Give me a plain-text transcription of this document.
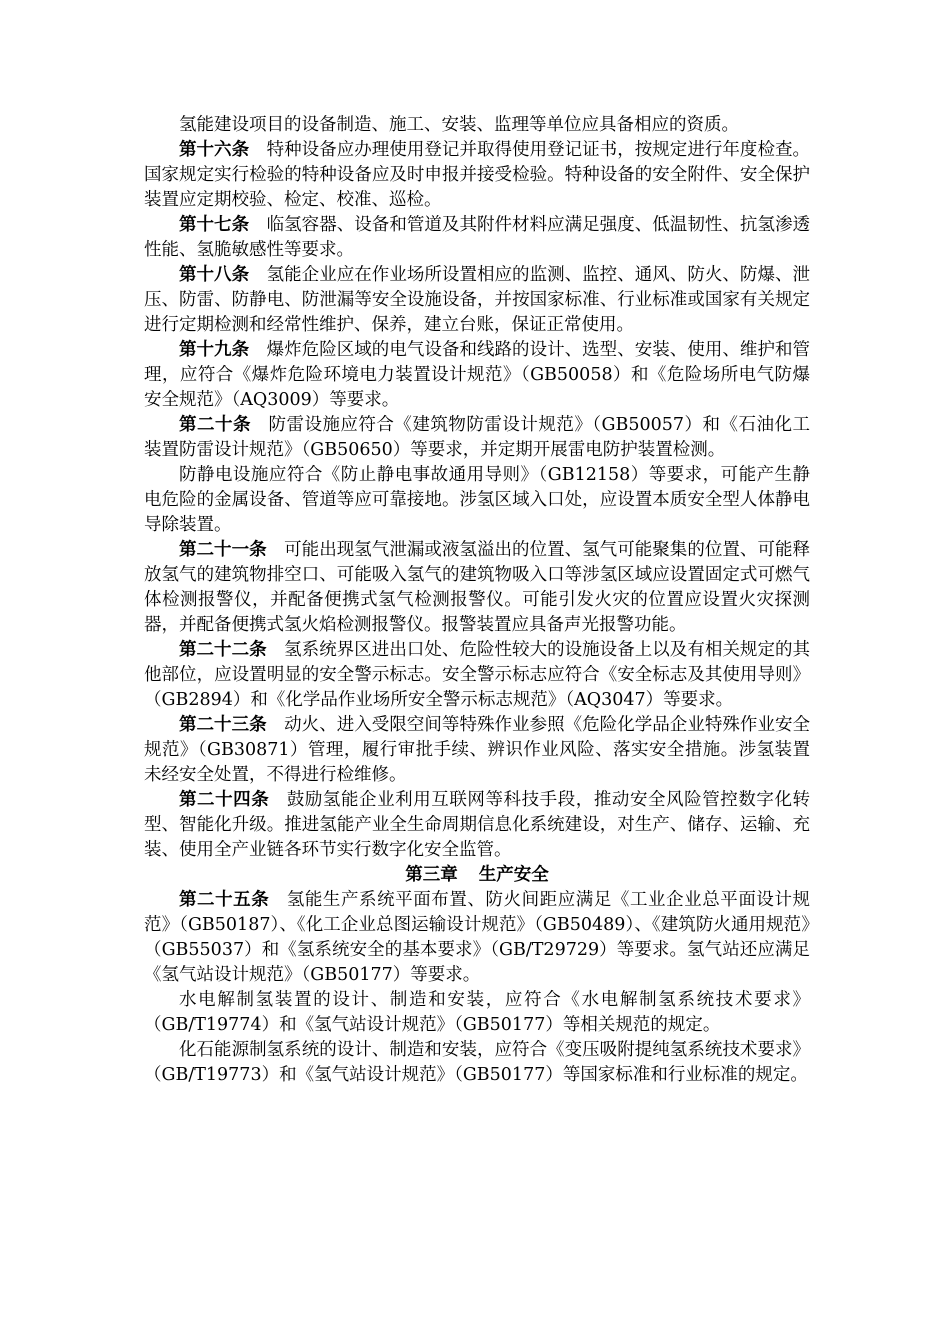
氢能建设项目的设备制造、施工、安装、监理等单位应具备相应的资质。

第十六条 特种设备应办理使用登记并取得使用登记证书，按规定进行年度检查。国家规定实行检验的特种设备应及时申报并接受检验。特种设备的安全附件、安全保护装置应定期校验、检定、校准、巡检。

第十七条 临氢容器、设备和管道及其附件材料应满足强度、低温韧性、抗氢渗透性能、氢脆敏感性等要求。

第十八条 氢能企业应在作业场所设置相应的监测、监控、通风、防火、防爆、泄压、防雷、防静电、防泄漏等安全设施设备，并按国家标准、行业标准或国家有关规定进行定期检测和经常性维护、保养，建立台账，保证正常使用。

第十九条 爆炸危险区域的电气设备和线路的设计、选型、安装、使用、维护和管理，应符合《爆炸危险环境电力装置设计规范》（GB50058）和《危险场所电气防爆安全规范》（AQ3009）等要求。

第二十条 防雷设施应符合《建筑物防雷设计规范》（GB50057）和《石油化工装置防雷设计规范》（GB50650）等要求，并定期开展雷电防护装置检测。

防静电设施应符合《防止静电事故通用导则》（GB12158）等要求，可能产生静电危险的金属设备、管道等应可靠接地。涉氢区域入口处，应设置本质安全型人体静电导除装置。

第二十一条 可能出现氢气泄漏或液氢溢出的位置、氢气可能聚集的位置、可能释放氢气的建筑物排空口、可能吸入氢气的建筑物吸入口等涉氢区域应设置固定式可燃气体检测报警仪，并配备便携式氢气检测报警仪。可能引发火灾的位置应设置火灾探测器，并配备便携式氢火焰检测报警仪。报警装置应具备声光报警功能。

第二十二条 氢系统界区进出口处、危险性较大的设施设备上以及有相关规定的其他部位，应设置明显的安全警示标志。安全警示标志应符合《安全标志及其使用导则》（GB2894）和《化学品作业场所安全警示标志规范》（AQ3047）等要求。

第二十三条 动火、进入受限空间等特殊作业参照《危险化学品企业特殊作业安全规范》（GB30871）管理，履行审批手续、辨识作业风险、落实安全措施。涉氢装置未经安全处置，不得进行检维修。

第二十四条 鼓励氢能企业利用互联网等科技手段，推动安全风险管控数字化转型、智能化升级。推进氢能产业全生命周期信息化系统建设，对生产、储存、运输、充装、使用全产业链各环节实行数字化安全监管。

第三章 生产安全

第二十五条 氢能生产系统平面布置、防火间距应满足《工业企业总平面设计规范》（GB50187）、《化工企业总图运输设计规范》（GB50489）、《建筑防火通用规范》（GB55037）和《氢系统安全的基本要求》（GB/T29729）等要求。氢气站还应满足《氢气站设计规范》（GB50177）等要求。

水电解制氢装置的设计、制造和安装，应符合《水电解制氢系统技术要求》（GB/T19774）和《氢气站设计规范》（GB50177）等相关规范的规定。

化石能源制氢系统的设计、制造和安装，应符合《变压吸附提纯氢系统技术要求》（GB/T19773）和《氢气站设计规范》（GB50177）等国家标准和行业标准的规定。
